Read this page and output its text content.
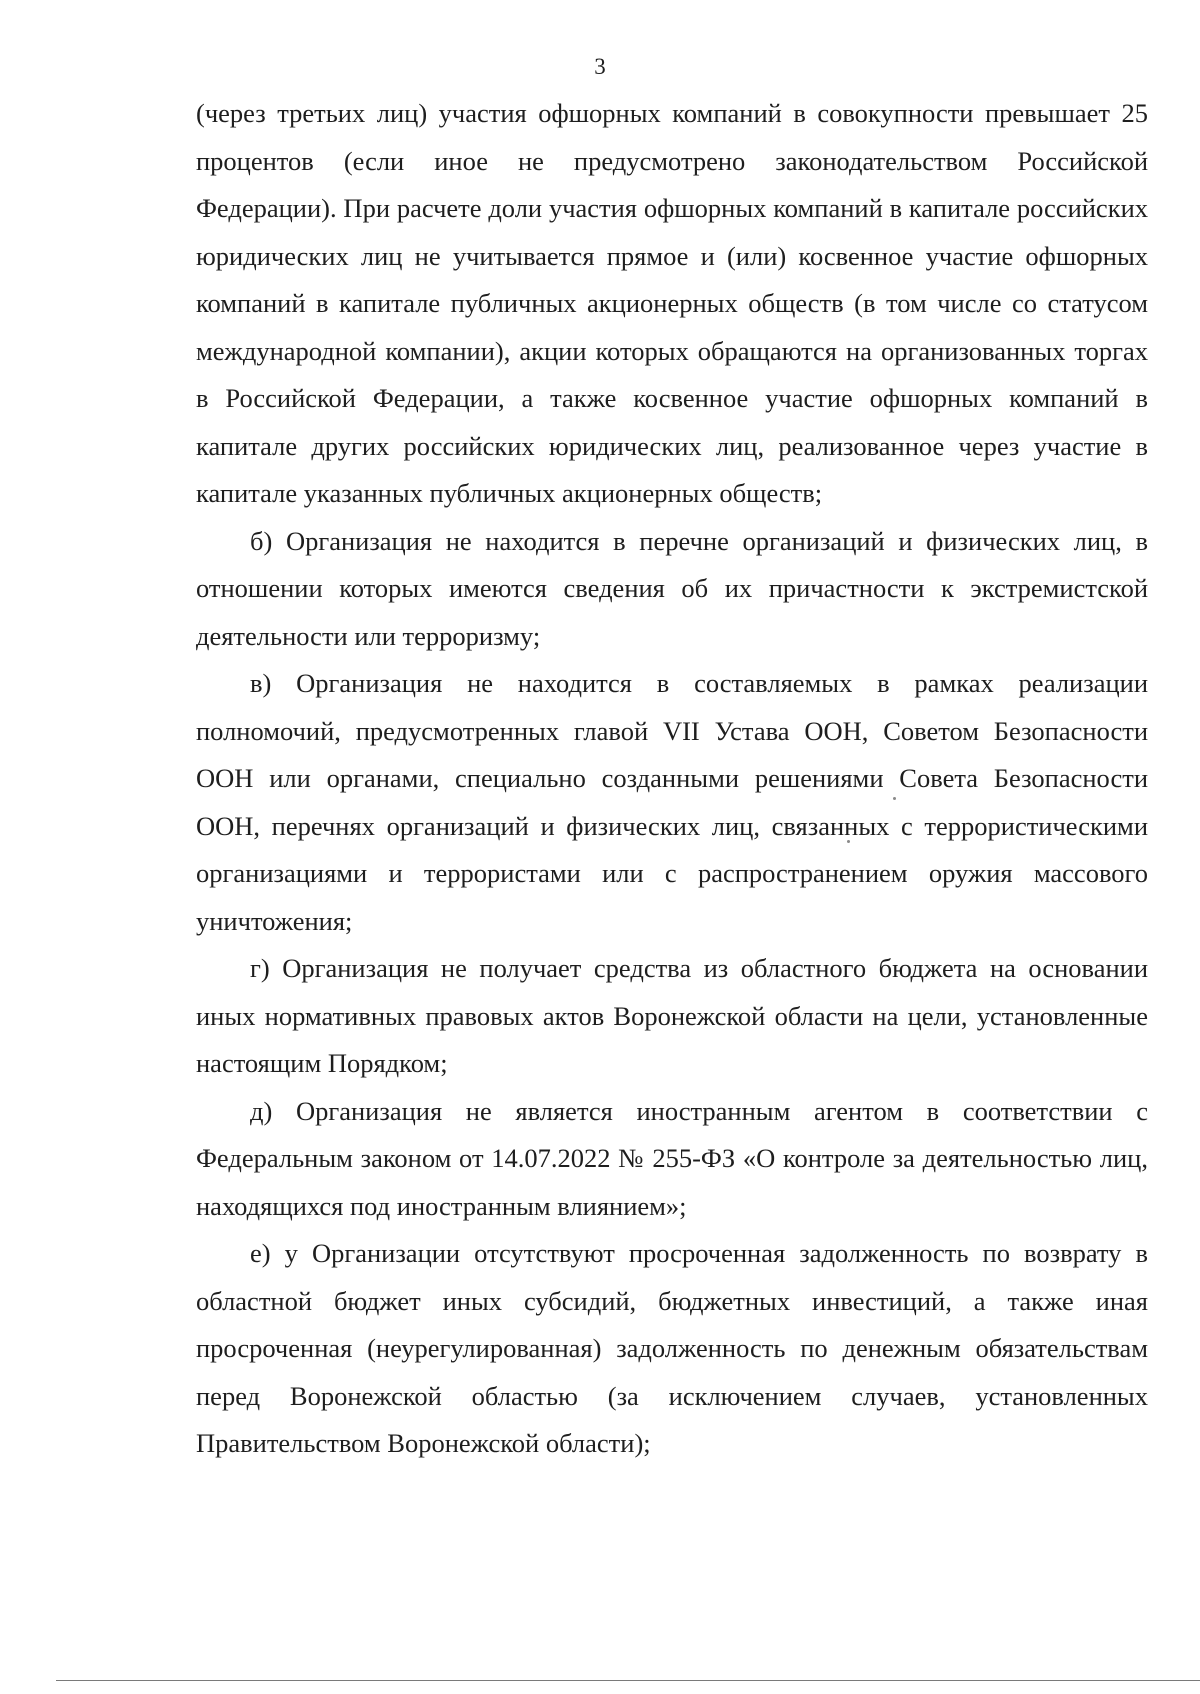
3

(через третьих лиц) участия офшорных компаний в совокупности превышает 25 процентов (если иное не предусмотрено законодательством Российской Федерации). При расчете доли участия офшорных компаний в капитале российских юридических лиц не учитывается прямое и (или) косвенное участие офшорных компаний в капитале публичных акционерных обществ (в том числе со статусом международной компании), акции которых обращаются на организованных торгах в Российской Федерации, а также косвенное участие офшорных компаний в капитале других российских юридических лиц, реализованное через участие в капитале указанных публичных акционерных обществ;

б) Организация не находится в перечне организаций и физических лиц, в отношении которых имеются сведения об их причастности к экстремистской деятельности или терроризму;

в) Организация не находится в составляемых в рамках реализации полномочий, предусмотренных главой VII Устава ООН, Советом Безопасности ООН или органами, специально созданными решениями Совета Безопасности ООН, перечнях организаций и физических лиц, связанных с террористическими организациями и террористами или с распространением оружия массового уничтожения;

г) Организация не получает средства из областного бюджета на основании иных нормативных правовых актов Воронежской области на цели, установленные настоящим Порядком;

д) Организация не является иностранным агентом в соответствии с Федеральным законом от 14.07.2022 № 255-ФЗ «О контроле за деятельностью лиц, находящихся под иностранным влиянием»;

е) у Организации отсутствуют просроченная задолженность по возврату в областной бюджет иных субсидий, бюджетных инвестиций, а также иная просроченная (неурегулированная) задолженность по денежным обязательствам перед Воронежской областью (за исключением случаев, установленных Правительством Воронежской области);
